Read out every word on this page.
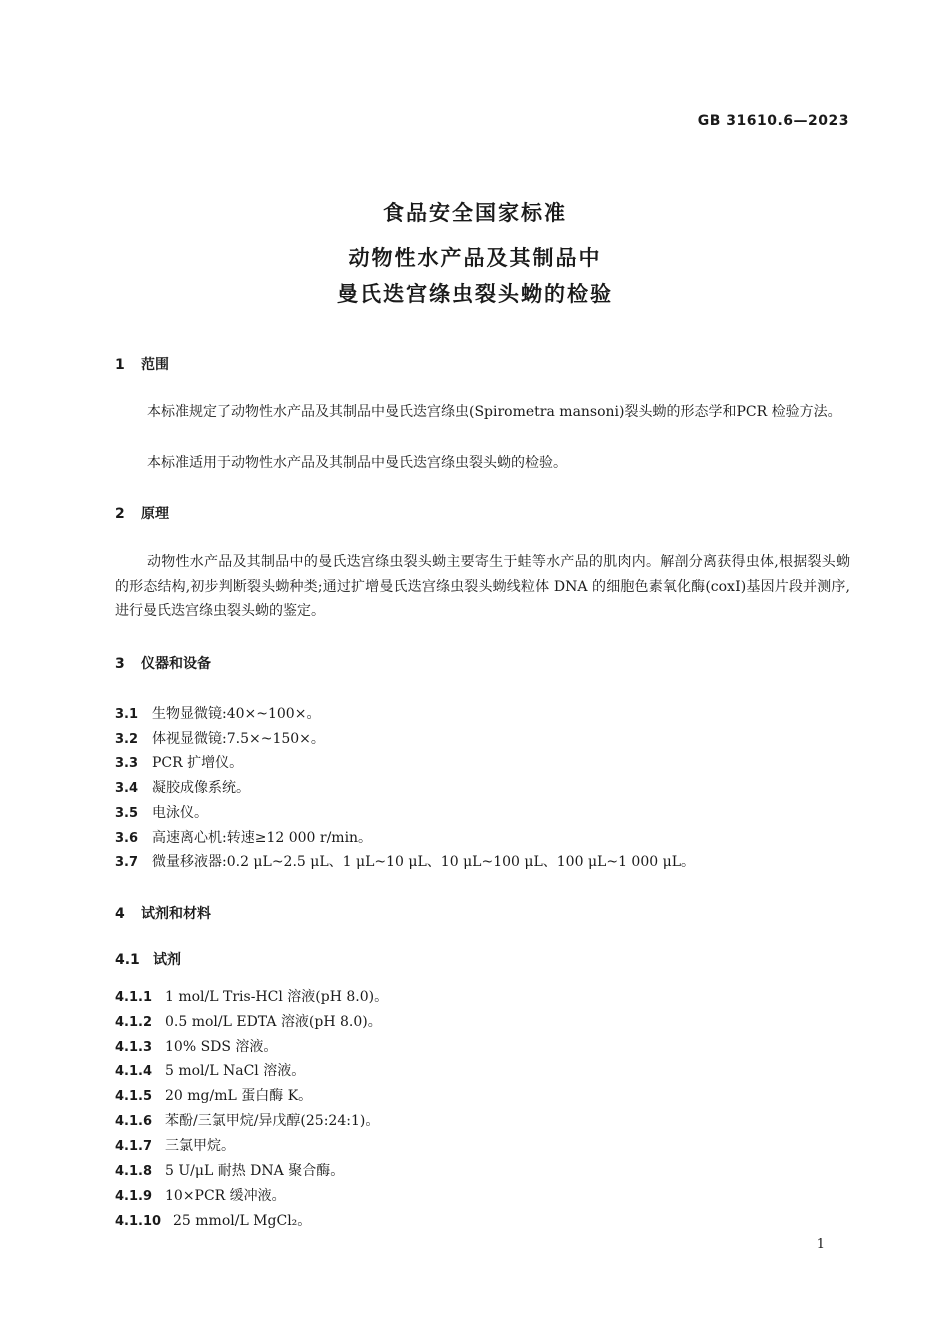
GB 31610.6—2023
食品安全国家标准
动物性水产品及其制品中
曼氏迭宫绦虫裂头蚴的检验
1 范围
本标准规定了动物性水产品及其制品中曼氏迭宫绦虫(Spirometra mansoni)裂头蚴的形态学和PCR 检验方法。
本标准适用于动物性水产品及其制品中曼氏迭宫绦虫裂头蚴的检验。
2 原理
动物性水产品及其制品中的曼氏迭宫绦虫裂头蚴主要寄生于蛙等水产品的肌肉内。解剖分离获得虫体,根据裂头蚴的形态结构,初步判断裂头蚴种类;通过扩增曼氏迭宫绦虫裂头蚴线粒体 DNA 的细胞色素氧化酶(coxⅠ)基因片段并测序,进行曼氏迭宫绦虫裂头蚴的鉴定。
3 仪器和设备
3.1 生物显微镜:40×~100×。
3.2 体视显微镜:7.5×~150×。
3.3 PCR 扩增仪。
3.4 凝胶成像系统。
3.5 电泳仪。
3.6 高速离心机:转速≥12 000 r/min。
3.7 微量移液器:0.2 μL~2.5 μL、1 μL~10 μL、10 μL~100 μL、100 μL~1 000 μL。
4 试剂和材料
4.1 试剂
4.1.1 1 mol/L Tris-HCl 溶液(pH 8.0)。
4.1.2 0.5 mol/L EDTA 溶液(pH 8.0)。
4.1.3 10% SDS 溶液。
4.1.4 5 mol/L NaCl 溶液。
4.1.5 20 mg/mL 蛋白酶 K。
4.1.6 苯酚/三氯甲烷/异戊醇(25:24:1)。
4.1.7 三氯甲烷。
4.1.8 5 U/μL 耐热 DNA 聚合酶。
4.1.9 10×PCR 缓冲液。
4.1.10 25 mmol/L MgCl₂。
1
